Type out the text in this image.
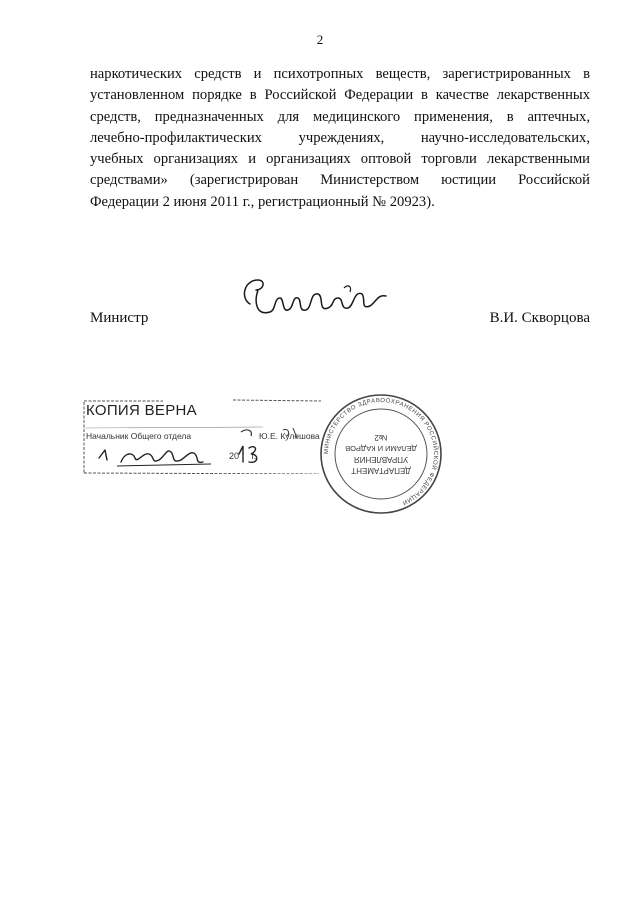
2
наркотических средств и психотропных веществ, зарегистрированных в
установленном порядке в Российской Федерации в качестве лекарственных
средств, предназначенных для медицинского применения, в аптечных,
лечебно-профилактических учреждениях, научно-исследовательских,
учебных организациях и организациях оптовой торговли лекарственными
средствами» (зарегистрирован Министерством юстиции Российской
Федерации 2 июня 2011 г., регистрационный № 20923).
Министр	В.И. Скворцова
КОПИЯ ВЕРНА
Начальник Общего отдела	Ю.Е. Кулешова
20 г.	МИНИСТЕРСТВО ЗДРАВООХРАНЕНИЯ РОССИЙСКОЙ ФЕДЕРАЦИИ
ДЕПАРТАМЕНТ
УПРАВЛЕНИЯ
ДЕЛАМИ И КАДРОВ
№2
